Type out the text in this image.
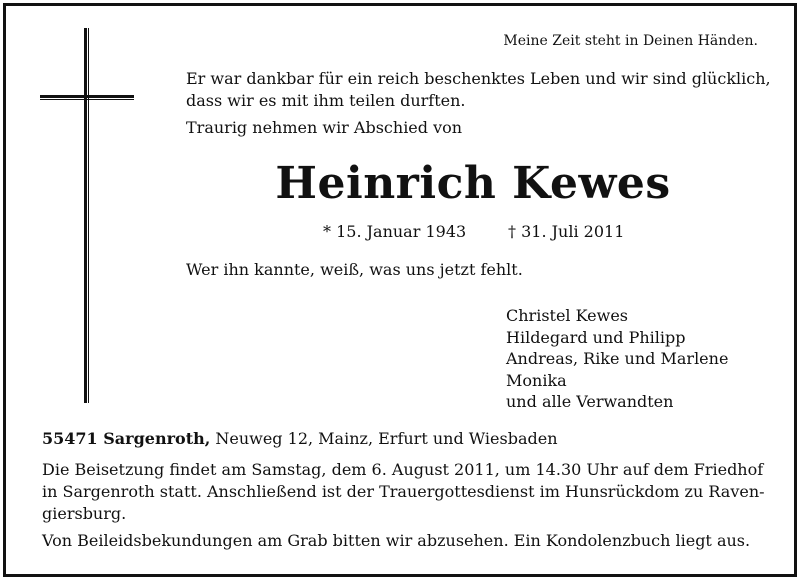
Meine Zeit steht in Deinen Händen.
Er war dankbar für ein reich beschenktes Leben und wir sind glücklich,
dass wir es mit ihm teilen durften.
Traurig nehmen wir Abschied von
Heinrich Kewes
* 15. Januar 1943	† 31. Juli 2011
Wer ihn kannte, weiß, was uns jetzt fehlt.
Christel Kewes
Hildegard und Philipp
Andreas, Rike und Marlene
Monika
und alle Verwandten
55471 Sargenroth, Neuweg 12, Mainz, Erfurt und Wiesbaden
Die Beisetzung findet am Samstag, dem 6. August 2011, um 14.30 Uhr auf dem Friedhof
in Sargenroth statt. Anschließend ist der Trauergottesdienst im Hunsrückdom zu Raven-
giersburg.
Von Beileidsbekundungen am Grab bitten wir abzusehen. Ein Kondolenzbuch liegt aus.
